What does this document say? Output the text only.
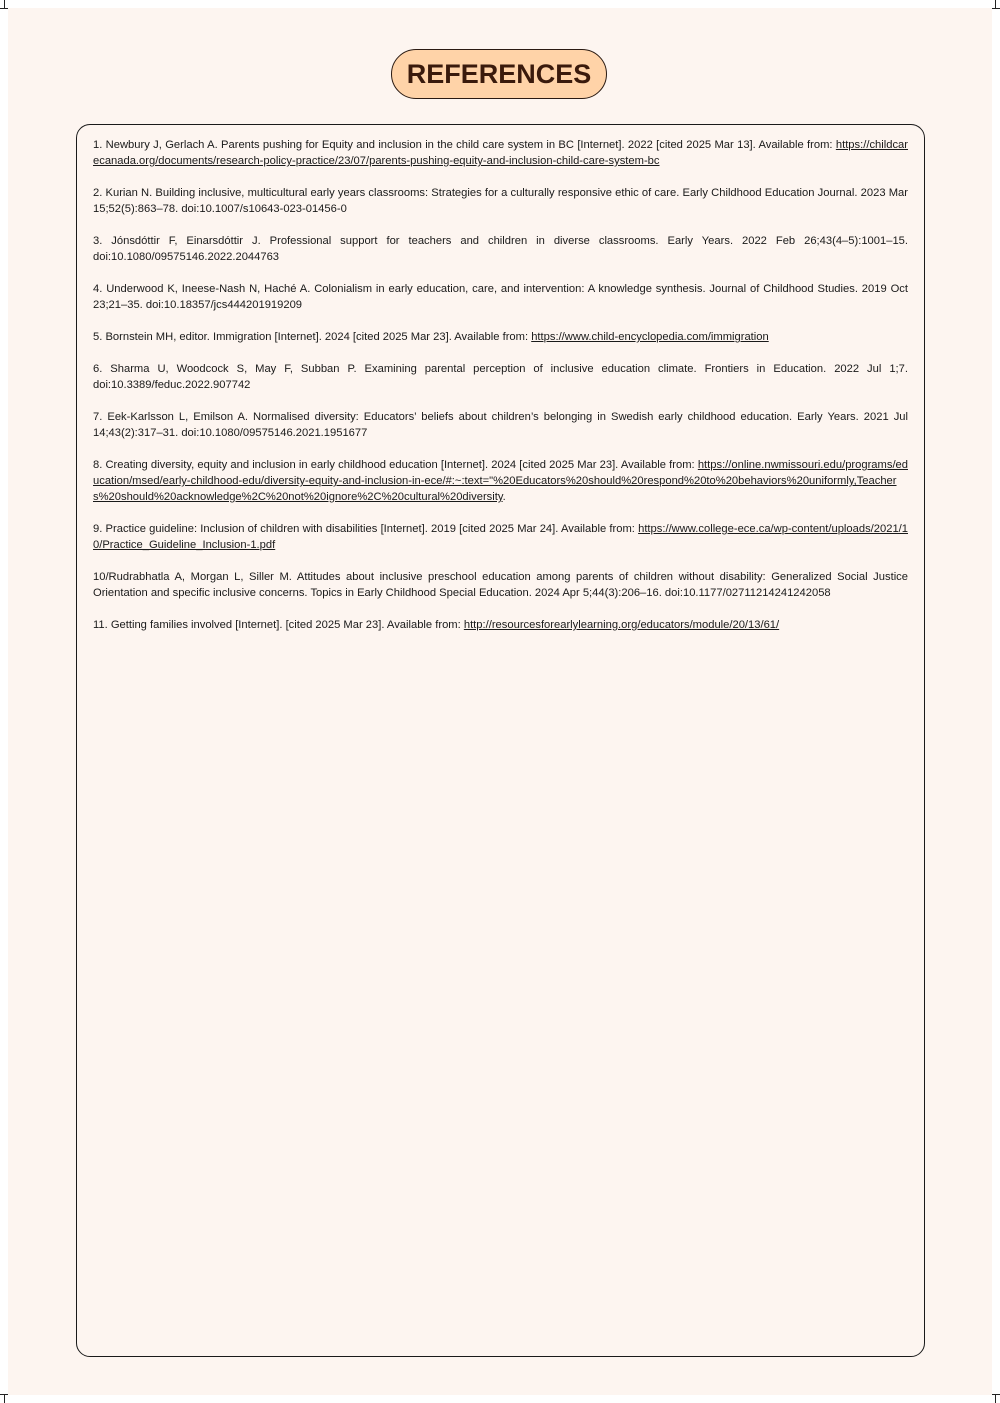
REFERENCES
1. Newbury J, Gerlach A. Parents pushing for Equity and inclusion in the child care system in BC [Internet]. 2022 [cited 2025 Mar 13]. Available from: https://childcarecanada.org/documents/research-policy-practice/23/07/parents-pushing-equity-and-inclusion-child-care-system-bc
2. Kurian N. Building inclusive, multicultural early years classrooms: Strategies for a culturally responsive ethic of care. Early Childhood Education Journal. 2023 Mar 15;52(5):863–78. doi:10.1007/s10643-023-01456-0
3. Jónsdóttir F, Einarsdóttir J. Professional support for teachers and children in diverse classrooms. Early Years. 2022 Feb 26;43(4–5):1001–15. doi:10.1080/09575146.2022.2044763
4. Underwood K, Ineese-Nash N, Haché A. Colonialism in early education, care, and intervention: A knowledge synthesis. Journal of Childhood Studies. 2019 Oct 23;21–35. doi:10.18357/jcs444201919209
5. Bornstein MH, editor. Immigration [Internet]. 2024 [cited 2025 Mar 23]. Available from: https://www.child-encyclopedia.com/immigration
6. Sharma U, Woodcock S, May F, Subban P. Examining parental perception of inclusive education climate. Frontiers in Education. 2022 Jul 1;7. doi:10.3389/feduc.2022.907742
7. Eek-Karlsson L, Emilson A. Normalised diversity: Educators’ beliefs about children’s belonging in Swedish early childhood education. Early Years. 2021 Jul 14;43(2):317–31. doi:10.1080/09575146.2021.1951677
8. Creating diversity, equity and inclusion in early childhood education [Internet]. 2024 [cited 2025 Mar 23]. Available from: https://online.nwmissouri.edu/programs/education/msed/early-childhood-edu/diversity-equity-and-inclusion-in-ece/#:~:text="%20Educators%20should%20respond%20to%20behaviors%20uniformly,Teachers%20should%20acknowledge%2C%20not%20ignore%2C%20cultural%20diversity.
9. Practice guideline: Inclusion of children with disabilities [Internet]. 2019 [cited 2025 Mar 24]. Available from: https://www.college-ece.ca/wp-content/uploads/2021/10/Practice_Guideline_Inclusion-1.pdf
10/Rudrabhatla A, Morgan L, Siller M. Attitudes about inclusive preschool education among parents of children without disability: Generalized Social Justice Orientation and specific inclusive concerns. Topics in Early Childhood Special Education. 2024 Apr 5;44(3):206–16. doi:10.1177/02711214241242058
11. Getting families involved [Internet]. [cited 2025 Mar 23]. Available from: http://resourcesforearlylearning.org/educators/module/20/13/61/
